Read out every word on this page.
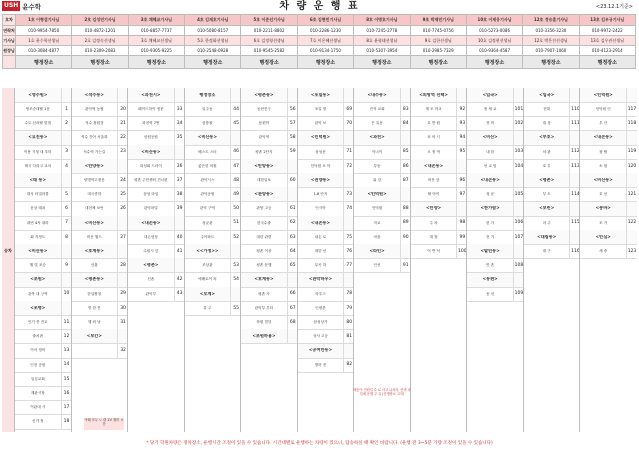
USH 윤수학	차 량 운 행 표	<23.12.1기준>
호차	1호 이형섭기사님	2호 김성민기사님	3호 채혜교기사님	4호 김재호기사님	5호 이준선기사님	6호 김현민기사님	8호 이명호기사님	9호 박재민기사님	10호 이재웅기사님	12호 정승훈기사님	13호 김우규기사님
연락처	010-9954-7850	010-4872-1201	010-8857-7737	010-5080-8157	010-2211-8802	010-2286-1230	010-7245-2778	010-7745-0756	010-5273-0086	010-3356-3230	010-9972-2422
기사님	1호 윤수학선생님	2호 김정숙선생님	3호 채혜교선생님	5호 한정화선생님	6호 김정영선생님	7호 이은혜선생님	8호 윤형태선생님	9호 김한선생님	10호 김정현선생님	12호 박은진선생님	13호 김우관선생님
원장님	010-3084-4877	010-2309-2083	010-9305-9225	010-2548-0928	010-9545-2582	010-9134-1750	010-5307-3954	010-2985-7329	010-9364-4587	010-7907-1060	010-4123-2914
	행정장소	행정장소	행정장소	행정장소	행정장소	행정장소	행정장소	행정장소	행정장소	행정장소	행정장소
승차
<영수원>
영조순대탈 1동	1
수도 신라탈 맛집	2
<요진동>
이용 시청 내 우미	3
태국 다라고 교차	4
<태 동>
대사 터밀라를	5
운상 태치	6
대빈 4자 대라	7
회 지정도	8
<비산동>
행 빌 조승	9
<초원>
관목 내 구역	10
<조명>
인기 종 진로	11
출처편	12
이서 정어	13
인천 공원	14
일심교회	15
계관시장	16
이관대 시	17
신기 정	18
<석수동>
관악역 농협	20
석수 정원점	21
석수 간아 서울화	22
석수역 가는길	23
<안양동>
양명여고정문	24
대국종하	25
대천체 보안	26
<비산동>
비산 월드	27
<호계동>
산뵹	28
<평촌동>
한일합칭	29
항 한 진	30
행 외 남	31
<보간>
32
<과천시>
페이드하이 정문	33
과천역 7번	34
삼원공원	35
<비산동>
화성회 드라이	36
평촌 주민센터 건너편	37
삼성 라임	38
관악파밀	39
<내손동>
내손삼성	40
수원시 앞	41
<평촌>
신촌	42
관악부	43
행정장소
일주동	44
삼풍원	45
<비산동>
베스트 스터	46
좋은한 의원	47
관악시스	48
관악공원	49
관악 구역	50
성균관	51
주아파트	52
<<가정>>
조상관	53
에베로이 처	54
<모계>
유 주	55
<평촌동>
동현진구	56
동편학	57
관악역	58
평촌 2단지	59
<안양동>
대한일보	60
<관양동>
관양 고등	61
한국수출	62
대한 관련	63
평촌 이상	64
평촌 문행	65
<호계동>
평촌 사	66
관악부 부터	67
학원 빌딩	68
<초원하용>
<포일동>
포일 장	69
관악 보	70
<인덕원>
삼성문	71
인덕원 오 아	72
<권양동>
1.8 단지	73
인시아	74
<내손동>
내손 로	75
대한 선	76
무곡 하	77
<관악하우>
하우스	78
인평촌	79
삼성상가	80
상사 고등	81
<공여만동>
방하 진	82
<내수동>
진석 교회	83
은 유동	84
<과천>
이너이	85
부동	86
위 강	87
<인덕원>
인덕원	88
자교	89
마을	90
<라인>
인선	91
<의왕역 선택>
계 모 학교	92
호 반 원	93
포 어 시	94
오 정 역	95
<내손동>
비산 상	96
탈 아이	97
<안양>
주 차	98
대 장	99
이 반 석	100
<입국>
정 세 교	101
천 미	102
<비산>
대 한	103
선 교 팀	104
<내손동>
청 운	105
<한가람>
한 가	106
전 기	107
<말인동>
만 촌	108
<동편>
동 선	109
<입국>
현대	110
대 상	111
<부호>
차 관	112
호 우	113
<평촌>
부 트	114
<보린>
마 주	115
<대림동>
대 구	116
<인덕원>
인덕원 인	117
우 산	118
<내손동>
참 탈	119
소 원	120
<비산동>
호 선	121
<몽바>
모 가	122
<안심>
새 중	123
배송이 전원일 수 로 사고 나서라, 준비 과 업체 운행 주 유 (운행장소 고지)
아래 모두 ㅇ 대 1보 원비 시간
* 당기 학원차량은 정차장소, 운행시간 조정이 있을 수 있습니다. 시간대별로 운행하는 차량이 있으니, 탑승하실 때 확인 바랍니다. (운행 전 3~5분 가량 조정이 있을 수 있습니다)
